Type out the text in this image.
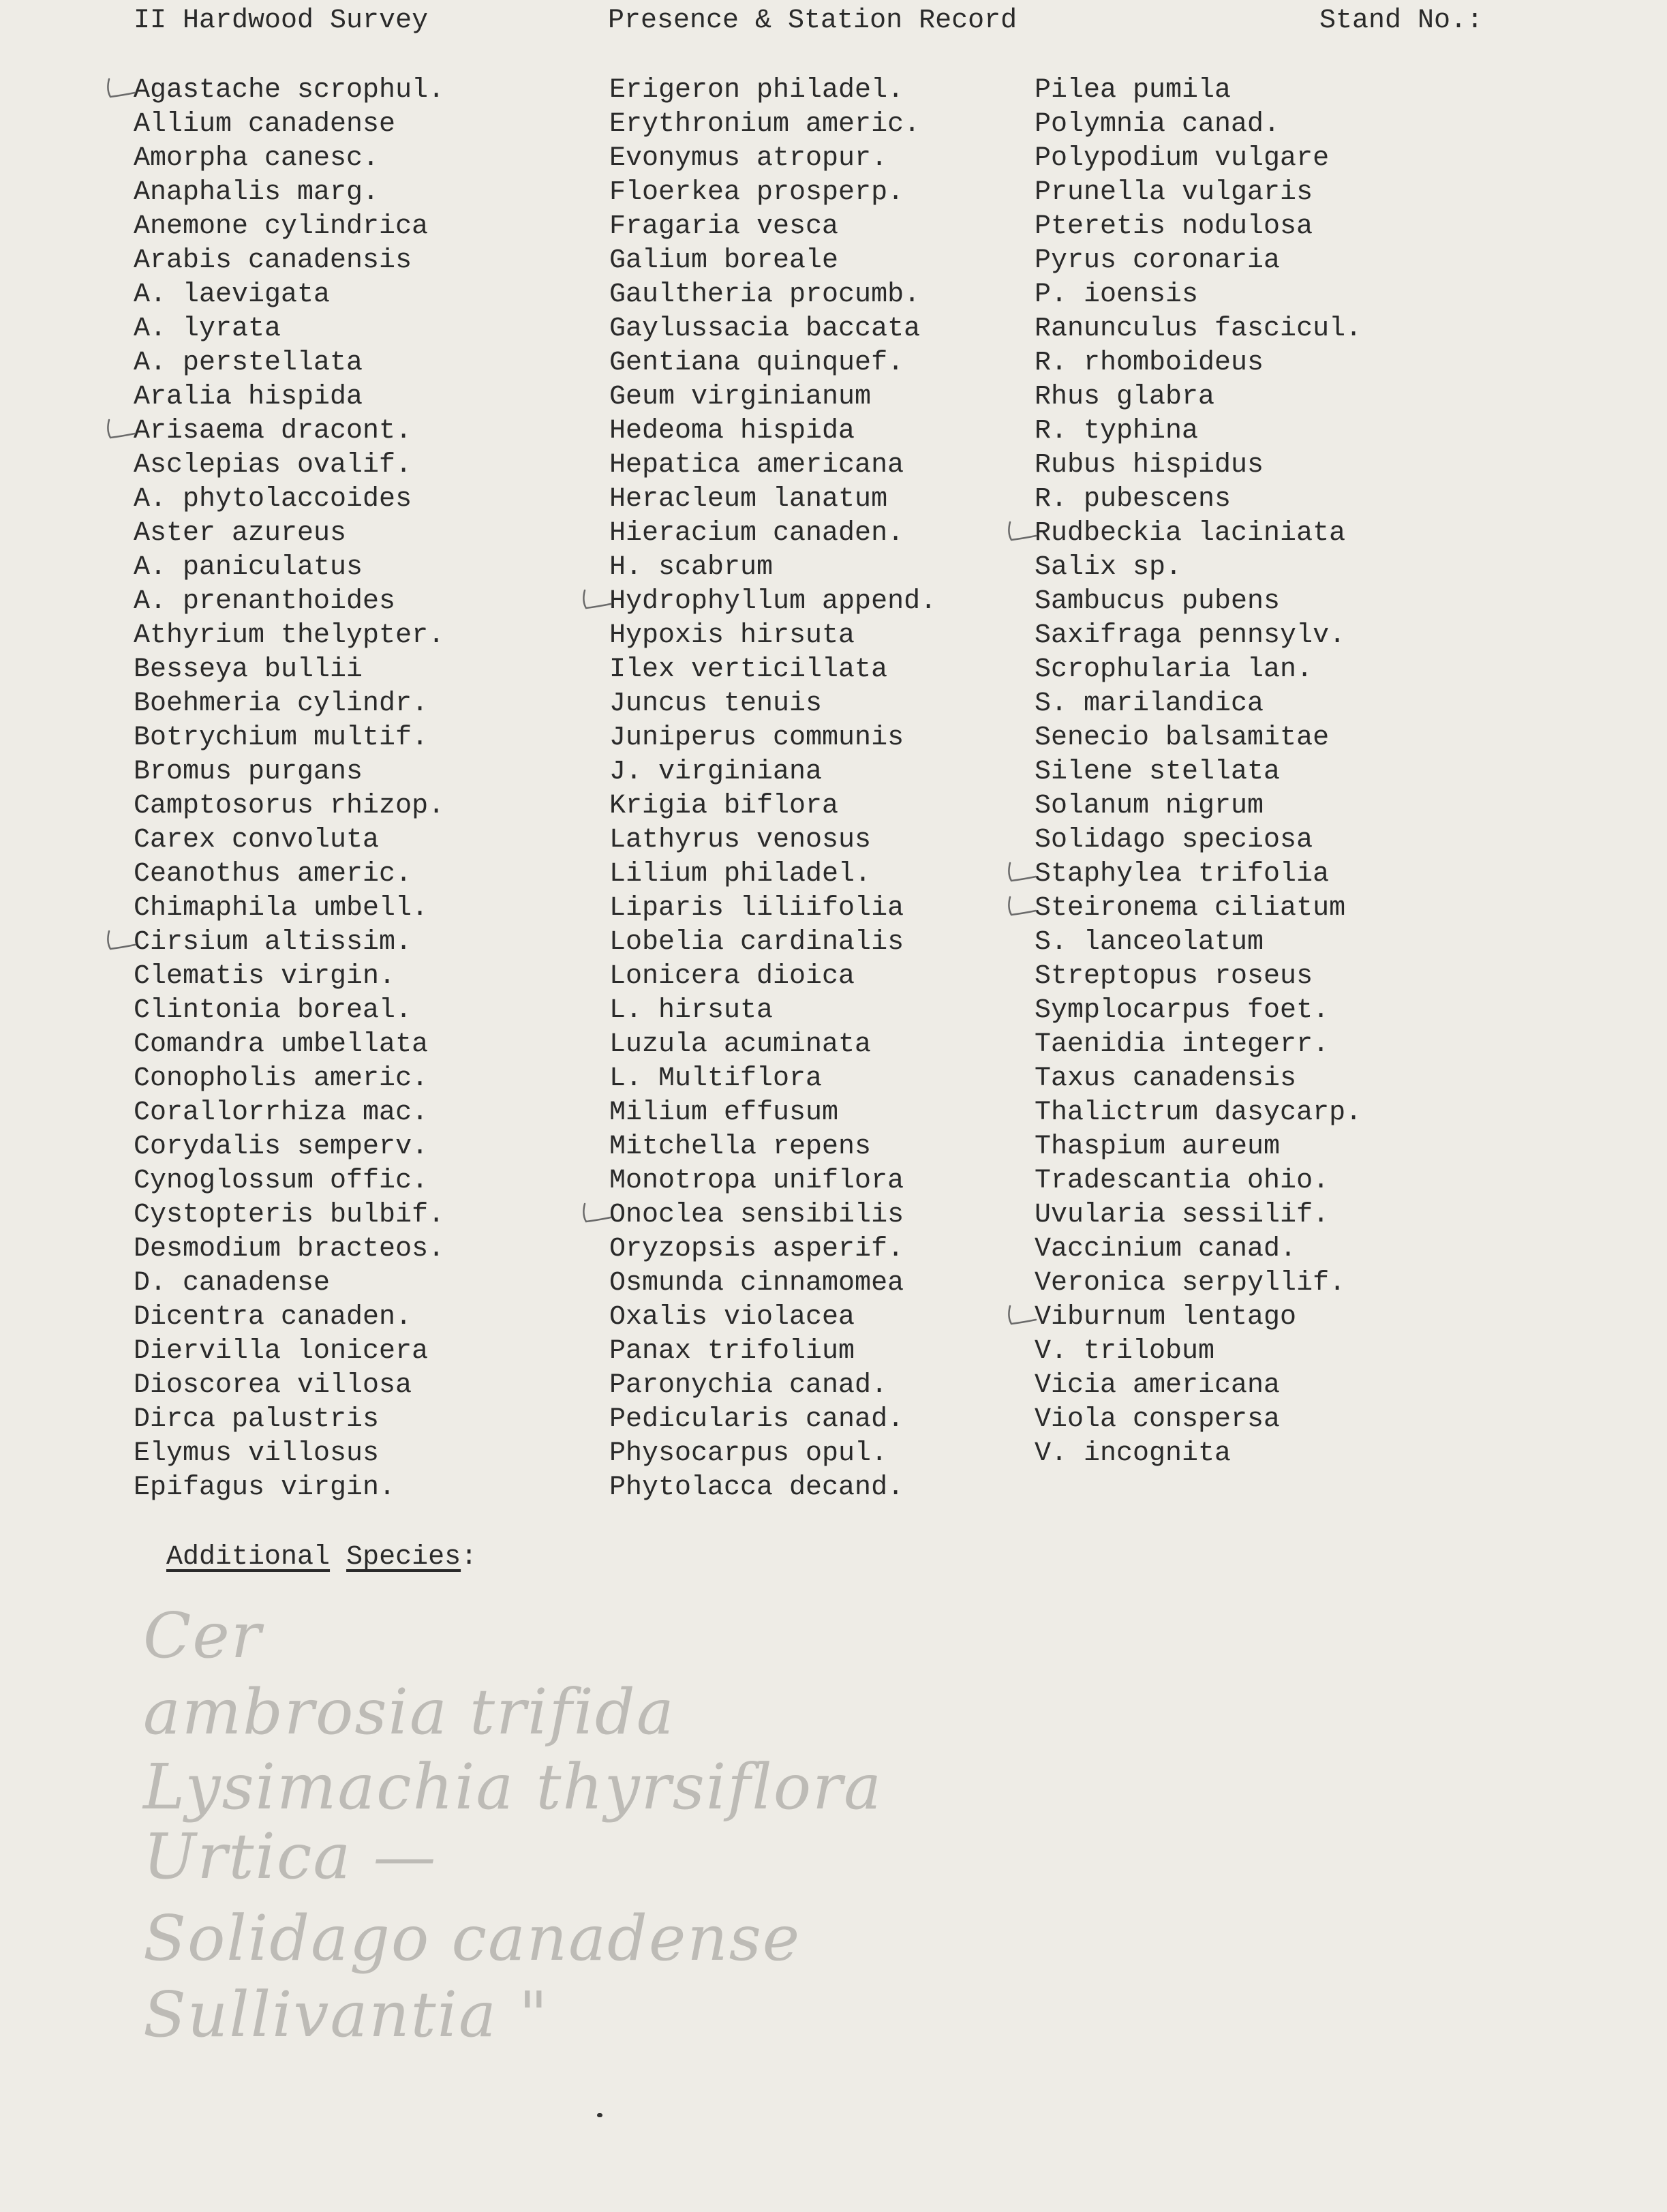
II Hardwood Survey	Presence & Station Record	Stand No.:
Agastache scrophul.
Allium canadense
Amorpha canesc.
Anaphalis marg.
Anemone cylindrica
Arabis canadensis
A. laevigata
A. lyrata
A. perstellata
Aralia hispida
Arisaema dracont.
Asclepias ovalif.
A. phytolaccoides
Aster azureus
A. paniculatus
A. prenanthoides
Athyrium thelypter.
Besseya bullii
Boehmeria cylindr.
Botrychium multif.
Bromus purgans
Camptosorus rhizop.
Carex convoluta
Ceanothus americ.
Chimaphila umbell.
Cirsium altissim.
Clematis virgin.
Clintonia boreal.
Comandra umbellata
Conopholis americ.
Corallorrhiza mac.
Corydalis semperv.
Cynoglossum offic.
Cystopteris bulbif.
Desmodium bracteos.
D. canadense
Dicentra canaden.
Diervilla lonicera
Dioscorea villosa
Dirca palustris
Elymus villosus
Epifagus virgin.
Erigeron philadel.
Erythronium americ.
Evonymus atropur.
Floerkea prosperp.
Fragaria vesca
Galium boreale
Gaultheria procumb.
Gaylussacia baccata
Gentiana quinquef.
Geum virginianum
Hedeoma hispida
Hepatica americana
Heracleum lanatum
Hieracium canaden.
H. scabrum
Hydrophyllum append.
Hypoxis hirsuta
Ilex verticillata
Juncus tenuis
Juniperus communis
J. virginiana
Krigia biflora
Lathyrus venosus
Lilium philadel.
Liparis liliifolia
Lobelia cardinalis
Lonicera dioica
L. hirsuta
Luzula acuminata
L. Multiflora
Milium effusum
Mitchella repens
Monotropa uniflora
Onoclea sensibilis
Oryzopsis asperif.
Osmunda cinnamomea
Oxalis violacea
Panax trifolium
Paronychia canad.
Pedicularis canad.
Physocarpus opul.
Phytolacca decand.
Pilea pumila
Polymnia canad.
Polypodium vulgare
Prunella vulgaris
Pteretis nodulosa
Pyrus coronaria
P. ioensis
Ranunculus fascicul.
R. rhomboideus
Rhus glabra
R. typhina
Rubus hispidus
R. pubescens
Rudbeckia laciniata
Salix sp.
Sambucus pubens
Saxifraga pennsylv.
Scrophularia lan.
S. marilandica
Senecio balsamitae
Silene stellata
Solanum nigrum
Solidago speciosa
Staphylea trifolia
Steironema ciliatum
S. lanceolatum
Streptopus roseus
Symplocarpus foet.
Taenidia integerr.
Taxus canadensis
Thalictrum dasycarp.
Thaspium aureum
Tradescantia ohio.
Uvularia sessilif.
Vaccinium canad.
Veronica serpyllif.
Viburnum lentago
V. trilobum
Vicia americana
Viola conspersa
V. incognita
Additional Species:
Cer
ambrosia trifida
Lysimachia thyrsiflora
Urtica —
Solidago canadense
Sullivantia "
